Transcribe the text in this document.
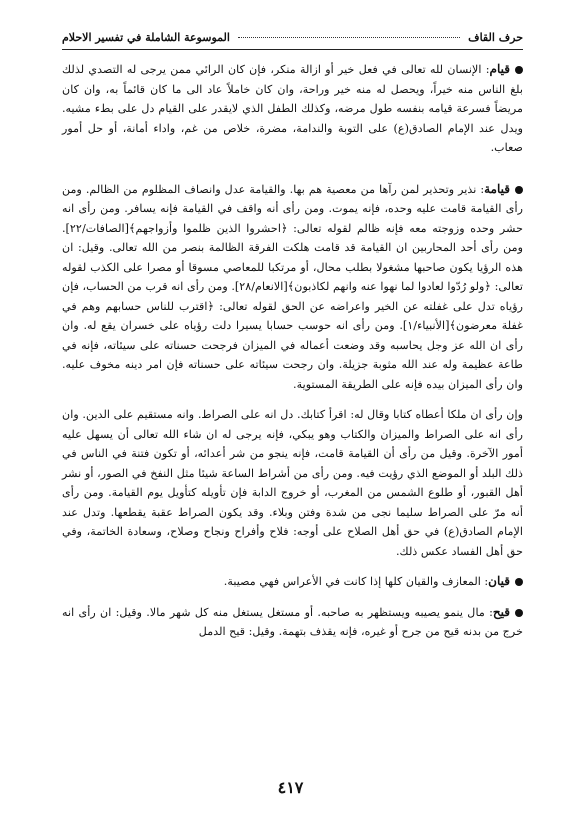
حرف القاف
الموسوعة الشاملة في تفسير الاحلام

قيام: الإنسان لله تعالى في فعل خير أو ازالة منكر، فإن كان الرائي ممن يرجى له التصدي لذلك بلغ الناس منه خيراً، ويحصل له منه خير وراحة، وان كان خاملاً عاد الى ما كان قائماً به، وان كان مريضاً فسرعة قيامه بنفسه طول مرضه، وكذلك الطفل الذي لايقدر على القيام دل على بطء مشيه. ويدل عند الإمام الصادق(ع) على التوبة والندامة، مضرة، خلاص من غم، واداء أمانة، أو حل أمور صعاب.

قيامة: نذير وتحذير لمن رآها من معصية هم بها. والقيامة عدل وانصاف المظلوم من الظالم. ومن رأى القيامة قامت عليه وحده، فإنه يموت. ومن رأى أنه واقف في القيامة فإنه يسافر. ومن رأى انه حشر وحده وزوجته معه فإنه ظالم لقوله تعالى: ﴿احشروا الذين ظلموا وأزواجهم﴾[الصافات/٢٢]. ومن رأى أحد المحاربين ان القيامة قد قامت هلكت الفرقة الظالمة بنصر من الله تعالى. وقيل: ان هذه الرؤيا يكون صاحبها مشغولا بطلب محال، أو مرتكبا للمعاصي مسوقا أو مصرا على الكذب لقوله تعالى: ﴿ولو رُدّوا لعادوا لما نهوا عنه وانهم لكاذبون﴾[الانعام/٢٨]. ومن رأى انه قرب من الحساب، فإن رؤياه تدل على غفلته عن الخير واعراضه عن الحق لقوله تعالى: ﴿اقترب للناس حسابهم وهم في غفلة معرضون﴾[الأنبياء/١]. ومن رأى انه حوسب حسابا يسيرا دلت رؤياه على خسران يقع له. وان رأى ان الله عز وجل يحاسبه وقد وضعت أعماله في الميزان فرجحت حسناته على سيئاته، فإنه في طاعة عظيمة وله عند الله مثوبة جزيلة. وان رجحت سيئاته على حسناته فإن امر دينه مخوف عليه. وان رأى الميزان بيده فإنه على الطريقة المستوية.

وإن رأى ان ملكا أعطاه كتابا وقال له: اقرأ كتابك. دل انه على الصراط. وانه مستقيم على الدين. وان رأى انه على الصراط والميزان والكتاب وهو يبكي، فإنه يرجى له ان شاء الله تعالى أن يسهل عليه أمور الآخرة. وقيل من رأى أن القيامة قامت، فإنه ينجو من شر أعدائه، أو تكون فتنة في الناس في ذلك البلد أو الموضع الذي رؤيت فيه. ومن رأى من أشراط الساعة شيئا مثل النفخ في الصور، أو نشر أهل القبور، أو طلوع الشمس من المغرب، أو خروج الدابة فإن تأويله كتأويل يوم القيامة. ومن رأى أنه مرّ على الصراط سليما نجى من شدة وفتن وبلاء. وقد يكون الصراط عقبة يقطعها. وتدل عند الإمام الصادق(ع) في حق أهل الصلاح على أوجه: فلاح وأفراح ونجاح وصلاح، وسعادة الخاتمة، وفي حق أهل الفساد عكس ذلك.

قيان: المعازف والقيان كلها إذا كانت في الأعراس فهي مصيبة.

قيح: مال ينمو يصيبه ويستظهر به صاحبه. أو مستغل يستغل منه كل شهر مالا. وقيل: ان رأى انه خرج من بدنه قيح من جرح أو غيره، فإنه يقذف بتهمة. وقيل: قيح الدمل

٤١٧
